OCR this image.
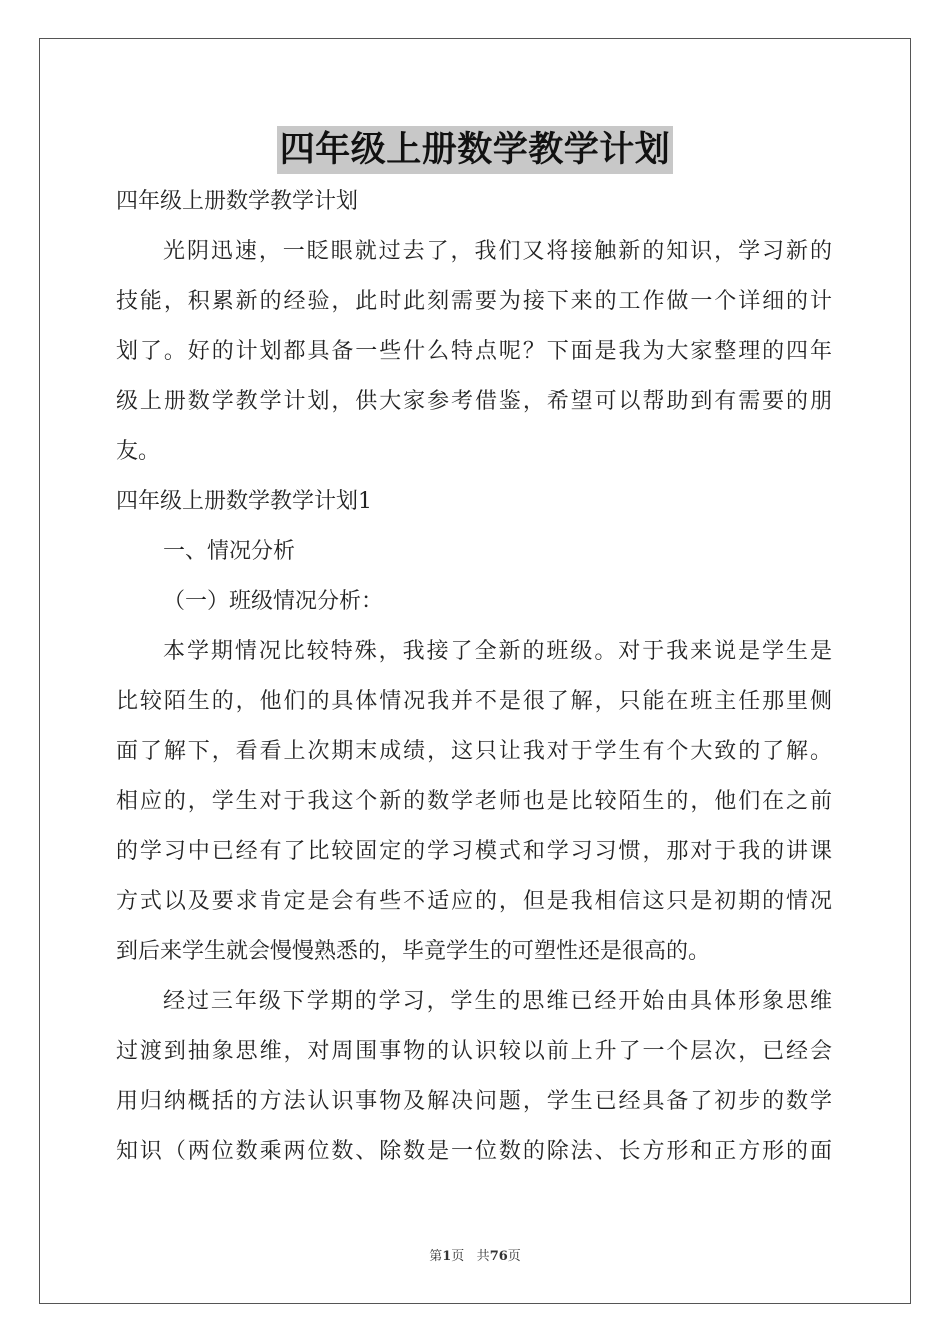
四年级上册数学教学计划
四年级上册数学教学计划
光阴迅速，一眨眼就过去了，我们又将接触新的知识，学习新的
技能，积累新的经验，此时此刻需要为接下来的工作做一个详细的计
划了。好的计划都具备一些什么特点呢？下面是我为大家整理的四年
级上册数学教学计划，供大家参考借鉴，希望可以帮助到有需要的朋
友。
四年级上册数学教学计划1
一、情况分析
（一）班级情况分析：
本学期情况比较特殊，我接了全新的班级。对于我来说是学生是
比较陌生的，他们的具体情况我并不是很了解，只能在班主任那里侧
面了解下，看看上次期末成绩，这只让我对于学生有个大致的了解。
相应的，学生对于我这个新的数学老师也是比较陌生的，他们在之前
的学习中已经有了比较固定的学习模式和学习习惯，那对于我的讲课
方式以及要求肯定是会有些不适应的，但是我相信这只是初期的情况
到后来学生就会慢慢熟悉的，毕竟学生的可塑性还是很高的。
经过三年级下学期的学习，学生的思维已经开始由具体形象思维
过渡到抽象思维，对周围事物的认识较以前上升了一个层次，已经会
用归纳概括的方法认识事物及解决问题，学生已经具备了初步的数学
知识（两位数乘两位数、除数是一位数的除法、长方形和正方形的面
第1页 共76页
